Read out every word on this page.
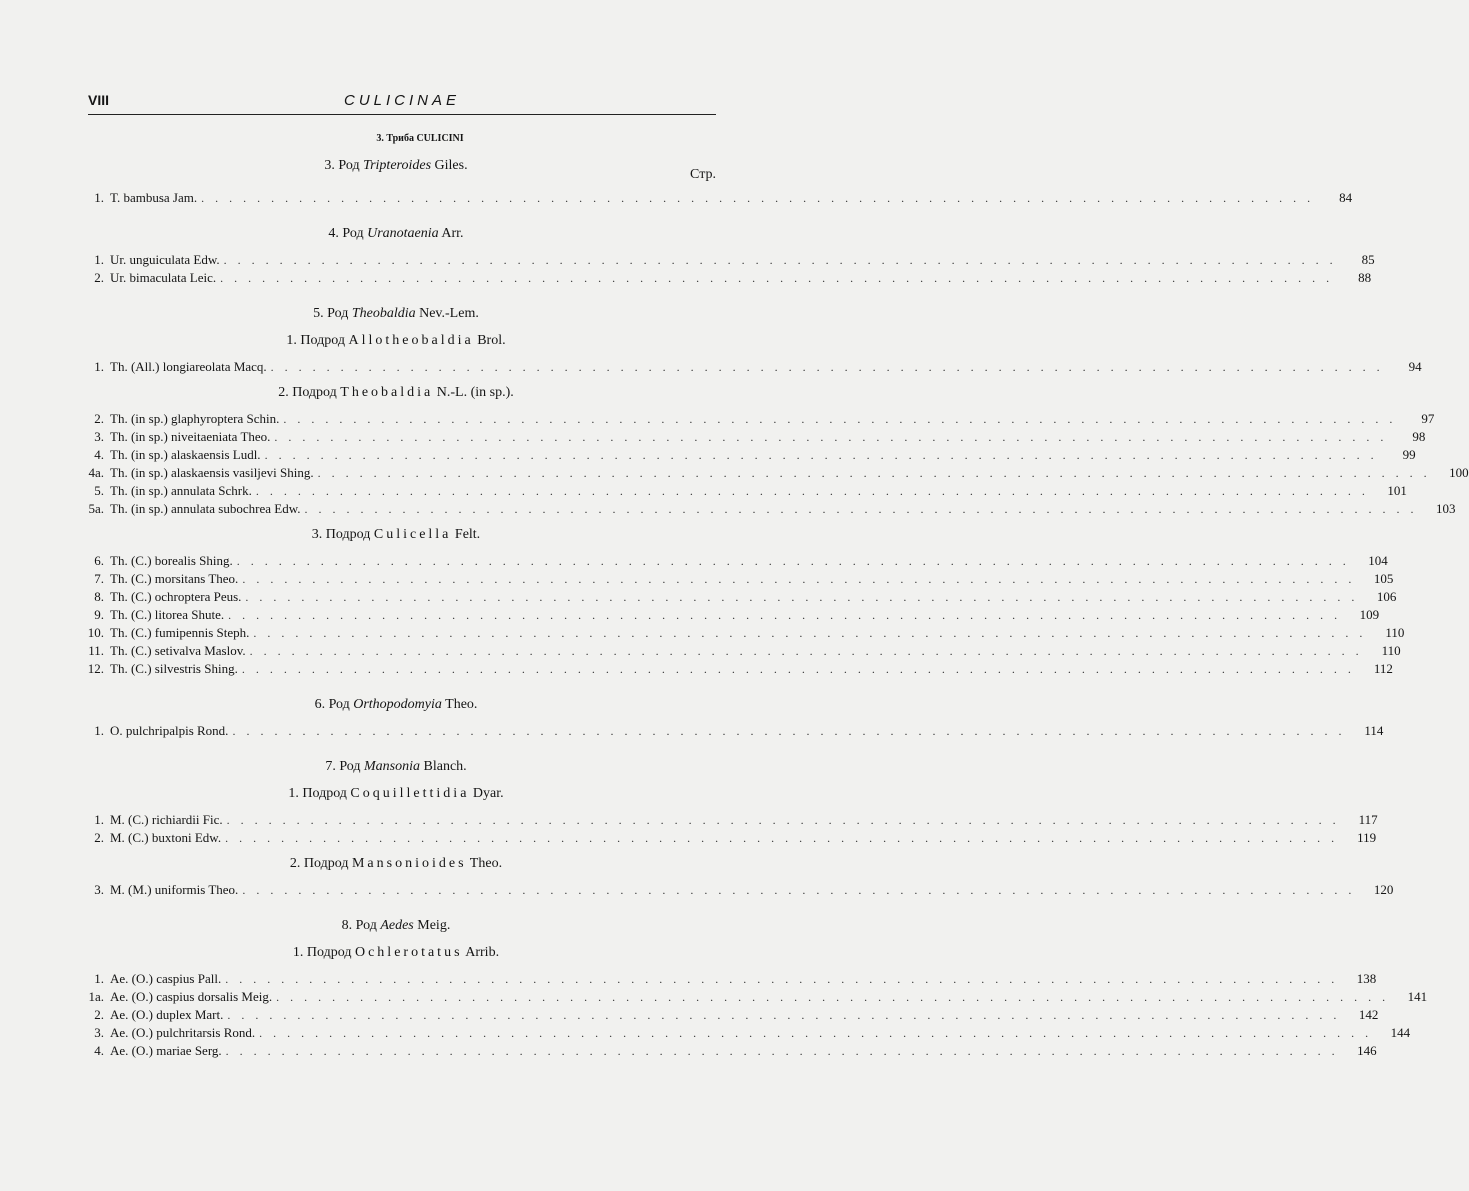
VIII	CULICINAE
3. Триба CULICINI
3. Род Tripteroides Giles.
Стр.
1. T. bambusa Jam. . . . . . . . . . . . . . . . . . . . . . . . . . . . . . . . . . . . . . . . . . . . . . . . . . . . . . . . . . . . . . . . . . . . . . . . . . . . . . . . .	84
4. Род Uranotaenia Arr.
1. Ur. unguiculata Edw. . . . . . . . . . . . . . . . . . . . . . . . . . . . . . . . . . . . . . . . . . . . . . . . . . . . . . . . . . . . . . . . . . . . . . . . . . . . . . . . .	85
2. Ur. bimaculata Leic. . . . . . . . . . . . . . . . . . . . . . . . . . . . . . . . . . . . . . . . . . . . . . . . . . . . . . . . . . . . . . . . . . . . . . . . . . . . . . . . .	88
5. Род Theobaldia Nev.-Lem.
1. Подрод Allotheobaldia Brol.
1. Th. (All.) longiareolata Macq. . . . . . . . . . . . . . . . . . . . . . . . . . . . . . . . . . . . . . . . . . . . . . . . . . . . . . . . . . . . . . . . . . . . . . . . . . . . . . . . .	94
2. Подрод Theobaldia N.-L. (in sp.).
2. Th. (in sp.) glaphyroptera Schin. . . . . . . . . . . . . . . . . . . . . . . . . . . . . . . . . . . . . . . . . . . . . . . . . . . . . . . . . . . . . . . . . . . . . . . . . . . . . . . . .	97
3. Th. (in sp.) niveitaeniata Theo. . . . . . . . . . . . . . . . . . . . . . . . . . . . . . . . . . . . . . . . . . . . . . . . . . . . . . . . . . . . . . . . . . . . . . . . . . . . . . . . .	98
4. Th. (in sp.) alaskaensis Ludl. . . . . . . . . . . . . . . . . . . . . . . . . . . . . . . . . . . . . . . . . . . . . . . . . . . . . . . . . . . . . . . . . . . . . . . . . . . . . . . . .	99
4a. Th. (in sp.) alaskaensis vasiljevi Shing. . . . . . . . . . . . . . . . . . . . . . . . . . . . . . . . . . . . . . . . . . . . . . . . . . . . . . . . . . . . . . . . . . . . . . . . . . . . . . . . .	100
5. Th. (in sp.) annulata Schrk. . . . . . . . . . . . . . . . . . . . . . . . . . . . . . . . . . . . . . . . . . . . . . . . . . . . . . . . . . . . . . . . . . . . . . . . . . . . . . . . .	101
5a. Th. (in sp.) annulata subochrea Edw. . . . . . . . . . . . . . . . . . . . . . . . . . . . . . . . . . . . . . . . . . . . . . . . . . . . . . . . . . . . . . . . . . . . . . . . . . . . . . . . .	103
3. Подрод Culicella Felt.
6. Th. (C.) borealis Shing. . . . . . . . . . . . . . . . . . . . . . . . . . . . . . . . . . . . . . . . . . . . . . . . . . . . . . . . . . . . . . . . . . . . . . . . . . . . . . . . .	104
7. Th. (C.) morsitans Theo. . . . . . . . . . . . . . . . . . . . . . . . . . . . . . . . . . . . . . . . . . . . . . . . . . . . . . . . . . . . . . . . . . . . . . . . . . . . . . . . .	105
8. Th. (C.) ochroptera Peus. . . . . . . . . . . . . . . . . . . . . . . . . . . . . . . . . . . . . . . . . . . . . . . . . . . . . . . . . . . . . . . . . . . . . . . . . . . . . . . . .	106
9. Th. (C.) litorea Shute. . . . . . . . . . . . . . . . . . . . . . . . . . . . . . . . . . . . . . . . . . . . . . . . . . . . . . . . . . . . . . . . . . . . . . . . . . . . . . . . .	109
10. Th. (C.) fumipennis Steph. . . . . . . . . . . . . . . . . . . . . . . . . . . . . . . . . . . . . . . . . . . . . . . . . . . . . . . . . . . . . . . . . . . . . . . . . . . . . . . . .	110
11. Th. (C.) setivalva Maslov. . . . . . . . . . . . . . . . . . . . . . . . . . . . . . . . . . . . . . . . . . . . . . . . . . . . . . . . . . . . . . . . . . . . . . . . . . . . . . . . .	110
12. Th. (C.) silvestris Shing. . . . . . . . . . . . . . . . . . . . . . . . . . . . . . . . . . . . . . . . . . . . . . . . . . . . . . . . . . . . . . . . . . . . . . . . . . . . . . . . .	112
6. Род Orthopodomyia Theo.
1. O. pulchripalpis Rond. . . . . . . . . . . . . . . . . . . . . . . . . . . . . . . . . . . . . . . . . . . . . . . . . . . . . . . . . . . . . . . . . . . . . . . . . . . . . . . . .	114
7. Род Mansonia Blanch.
1. Подрод Coquillettidia Dyar.
1. M. (C.) richiardii Fic. . . . . . . . . . . . . . . . . . . . . . . . . . . . . . . . . . . . . . . . . . . . . . . . . . . . . . . . . . . . . . . . . . . . . . . . . . . . . . . . .	117
2. M. (C.) buxtoni Edw. . . . . . . . . . . . . . . . . . . . . . . . . . . . . . . . . . . . . . . . . . . . . . . . . . . . . . . . . . . . . . . . . . . . . . . . . . . . . . . . .	119
2. Подрод Mansonioides Theo.
3. M. (M.) uniformis Theo. . . . . . . . . . . . . . . . . . . . . . . . . . . . . . . . . . . . . . . . . . . . . . . . . . . . . . . . . . . . . . . . . . . . . . . . . . . . . . . . .	120
8. Род Aedes Meig.
1. Подрод Ochlerotatus Arrib.
1. Ae. (O.) caspius Pall. . . . . . . . . . . . . . . . . . . . . . . . . . . . . . . . . . . . . . . . . . . . . . . . . . . . . . . . . . . . . . . . . . . . . . . . . . . . . . . . .	138
1a. Ae. (O.) caspius dorsalis Meig. . . . . . . . . . . . . . . . . . . . . . . . . . . . . . . . . . . . . . . . . . . . . . . . . . . . . . . . . . . . . . . . . . . . . . . . . . . . . . . . .	141
2. Ae. (O.) duplex Mart. . . . . . . . . . . . . . . . . . . . . . . . . . . . . . . . . . . . . . . . . . . . . . . . . . . . . . . . . . . . . . . . . . . . . . . . . . . . . . . . .	142
3. Ae. (O.) pulchritarsis Rond. . . . . . . . . . . . . . . . . . . . . . . . . . . . . . . . . . . . . . . . . . . . . . . . . . . . . . . . . . . . . . . . . . . . . . . . . . . . . . . . .	144
4. Ae. (O.) mariae Serg. . . . . . . . . . . . . . . . . . . . . . . . . . . . . . . . . . . . . . . . . . . . . . . . . . . . . . . . . . . . . . . . . . . . . . . . . . . . . . . . .	146
